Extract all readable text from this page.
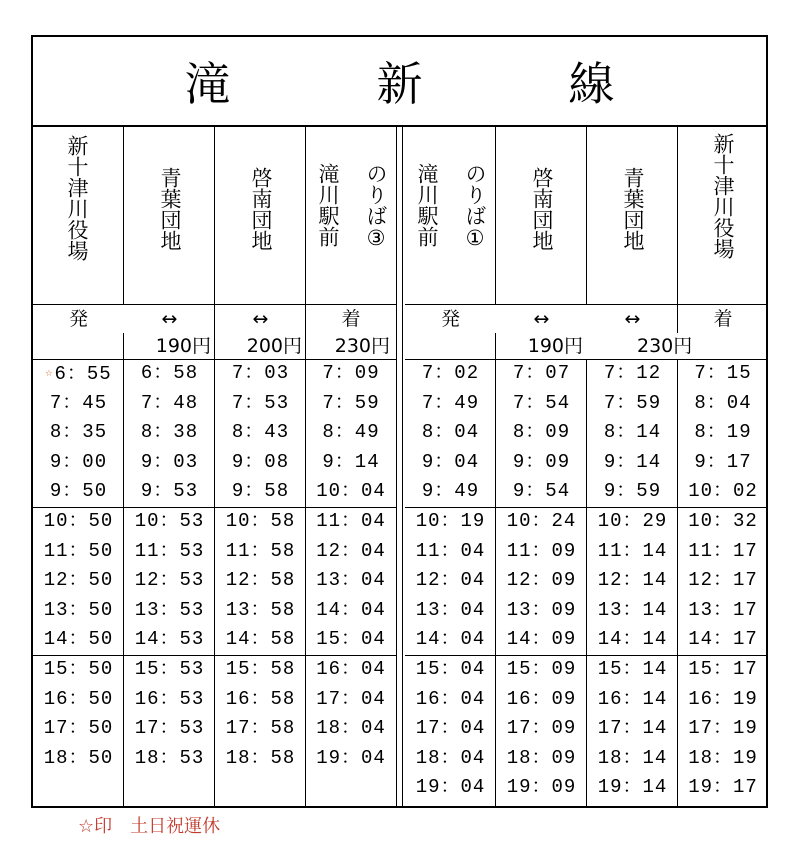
滝　新　線
新十津川役場
発
☆6：55
7：45
8：35
9：00
9：50
10：50
11：50
12：50
13：50
14：50
15：50
16：50
17：50
18：50
青葉団地
↔
190円
6：58
7：48
8：38
9：03
9：53
10：53
11：53
12：53
13：53
14：53
15：53
16：53
17：53
18：53
啓南団地
↔
200円
7：03
7：53
8：43
9：08
9：58
10：58
11：58
12：58
13：58
14：58
15：58
16：58
17：58
18：58
滝川駅前 のりば③
着
230円
7：09
7：59
8：49
9：14
10：04
11：04
12：04
13：04
14：04
15：04
16：04
17：04
18：04
19：04
滝川駅前 のりば①
発
7：02
7：49
8：04
9：04
9：49
10：19
11：04
12：04
13：04
14：04
15：04
16：04
17：04
18：04
19：04
啓南団地
↔
190円
7：07
7：54
8：09
9：09
9：54
10：24
11：09
12：09
13：09
14：09
15：09
16：09
17：09
18：09
19：09
青葉団地
↔
7：12
7：59
8：14
9：14
9：59
10：29
11：14
12：14
13：14
14：14
15：14
16：14
17：14
18：14
19：14
新十津川役場
着
7：15
8：04
8：19
9：17
10：02
10：32
11：17
12：17
13：17
14：17
15：17
16：19
17：19
18：19
19：17
230円
☆印　土日祝運休
